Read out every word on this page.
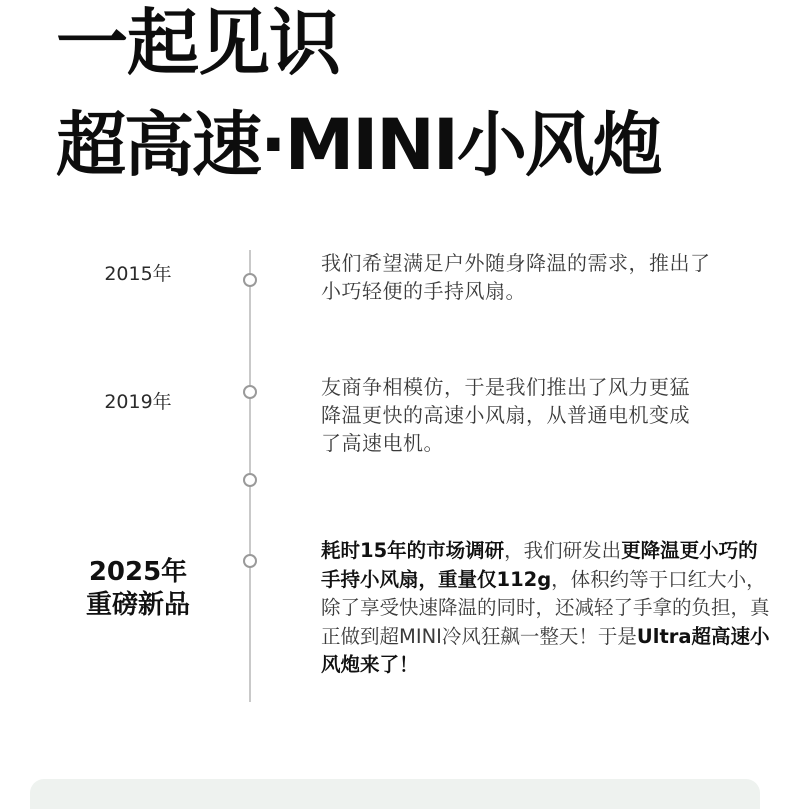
一起见识
超高速·MINI小风炮
2015年	我们希望满足户外随身降温的需求，推出了
小巧轻便的手持风扇。
2019年
友商争相模仿，于是我们推出了风力更猛
降温更快的高速小风扇，从普通电机变成
了高速电机。
2025年
重磅新品

耗时15年的市场调研，我们研发出更降温更小巧的手持小风扇，重量仅112g，体积约等于口红大小，除了享受快速降温的同时，还减轻了手拿的负担，真正做到超MINI冷风狂飙一整天！于是Ultra超高速小风炮来了！
